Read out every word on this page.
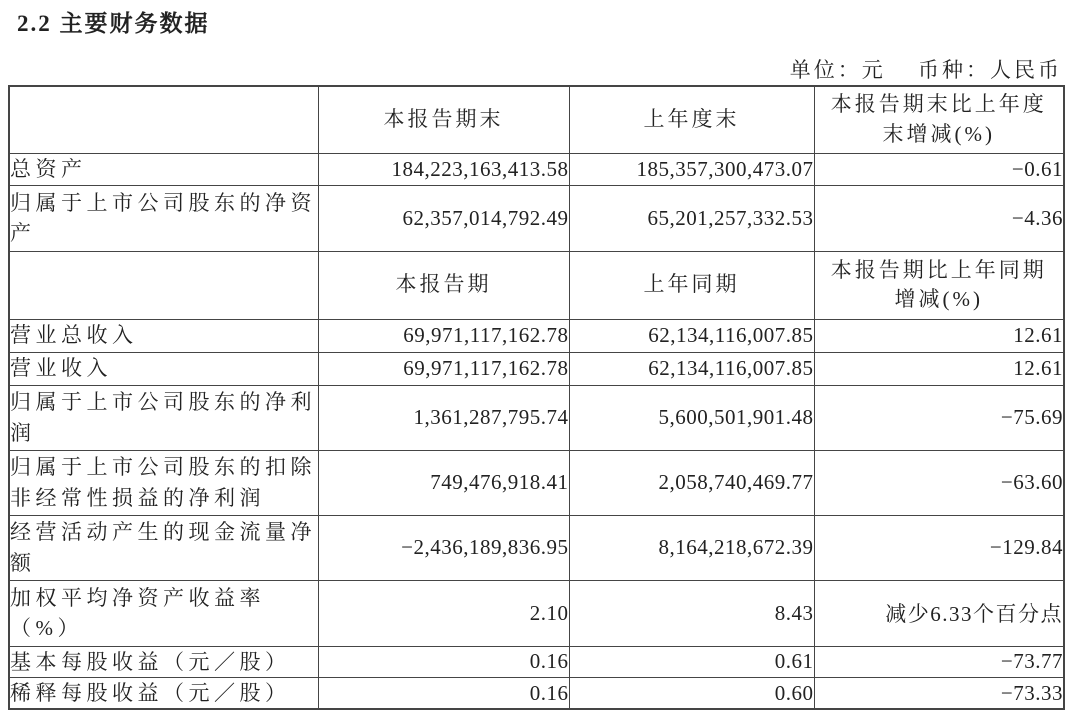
2.2 主要财务数据
单位：元 币种：人民币
	本报告期末	上年度末	本报告期末比上年度
末增减(%)

总资产	184,223,163,413.58	185,357,300,473.07	−0.61
归属于上市公司股东的净资产	62,357,014,792.49	65,201,257,332.53	−4.36
	本报告期	上年同期	本报告期比上年同期
增减(%)

营业总收入	69,971,117,162.78	62,134,116,007.85	12.61
营业收入	69,971,117,162.78	62,134,116,007.85	12.61
归属于上市公司股东的净利润	1,361,287,795.74	5,600,501,901.48	−75.69
归属于上市公司股东的扣除非经常性损益的净利润	749,476,918.41	2,058,740,469.77	−63.60
经营活动产生的现金流量净额	−2,436,189,836.95	8,164,218,672.39	−129.84
加权平均净资产收益率（%）	2.10	8.43	减少6.33个百分点
基本每股收益（元／股）	0.16	0.61	−73.77
稀释每股收益（元／股）	0.16	0.60	−73.33
